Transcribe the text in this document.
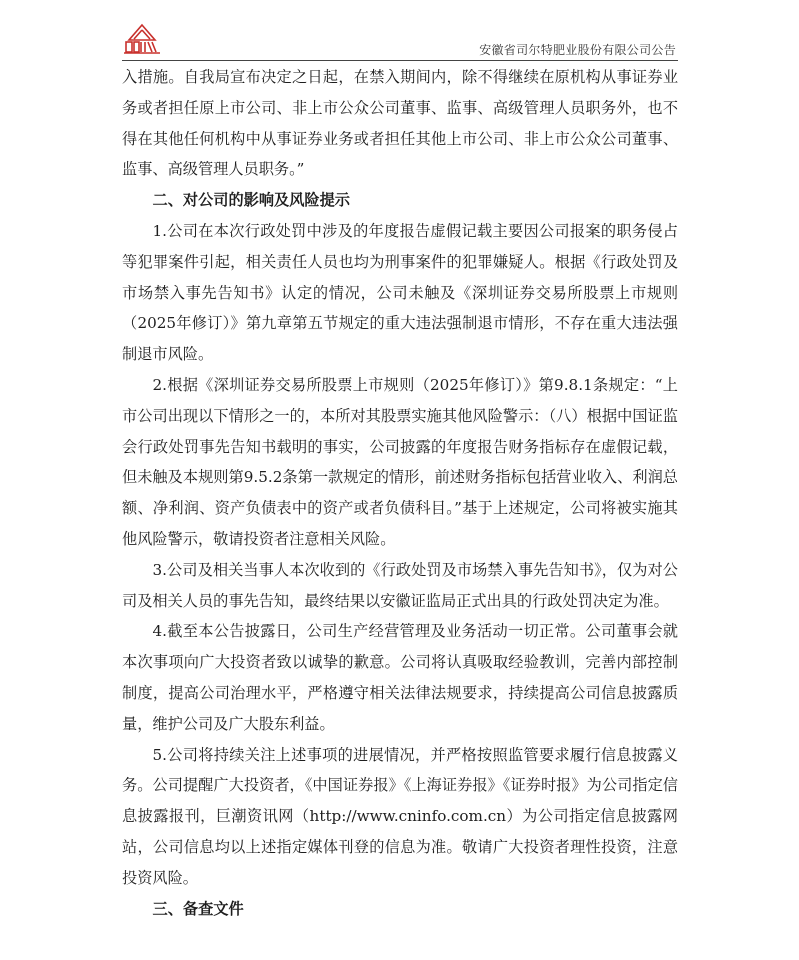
安徽省司尔特肥业股份有限公司公告

入措施。自我局宣布决定之日起，在禁入期间内，除不得继续在原机构从事证券业务或者担任原上市公司、非上市公众公司董事、监事、高级管理人员职务外，也不得在其他任何机构中从事证券业务或者担任其他上市公司、非上市公众公司董事、监事、高级管理人员职务。”

二、对公司的影响及风险提示

1.公司在本次行政处罚中涉及的年度报告虚假记载主要因公司报案的职务侵占等犯罪案件引起，相关责任人员也均为刑事案件的犯罪嫌疑人。根据《行政处罚及市场禁入事先告知书》认定的情况，公司未触及《深圳证券交易所股票上市规则（2025年修订）》第九章第五节规定的重大违法强制退市情形，不存在重大违法强制退市风险。

2.根据《深圳证券交易所股票上市规则（2025年修订）》第9.8.1条规定：“上市公司出现以下情形之一的，本所对其股票实施其他风险警示：（八）根据中国证监会行政处罚事先告知书载明的事实，公司披露的年度报告财务指标存在虚假记载，但未触及本规则第9.5.2条第一款规定的情形，前述财务指标包括营业收入、利润总额、净利润、资产负债表中的资产或者负债科目。”基于上述规定，公司将被实施其他风险警示，敬请投资者注意相关风险。

3.公司及相关当事人本次收到的《行政处罚及市场禁入事先告知书》，仅为对公司及相关人员的事先告知，最终结果以安徽证监局正式出具的行政处罚决定为准。

4.截至本公告披露日，公司生产经营管理及业务活动一切正常。公司董事会就本次事项向广大投资者致以诚挚的歉意。公司将认真吸取经验教训，完善内部控制制度，提高公司治理水平，严格遵守相关法律法规要求，持续提高公司信息披露质量，维护公司及广大股东利益。

5.公司将持续关注上述事项的进展情况，并严格按照监管要求履行信息披露义务。公司提醒广大投资者，《中国证券报》《上海证券报》《证券时报》为公司指定信息披露报刊，巨潮资讯网（http://www.cninfo.com.cn）为公司指定信息披露网站，公司信息均以上述指定媒体刊登的信息为准。敬请广大投资者理性投资，注意投资风险。

三、备查文件
